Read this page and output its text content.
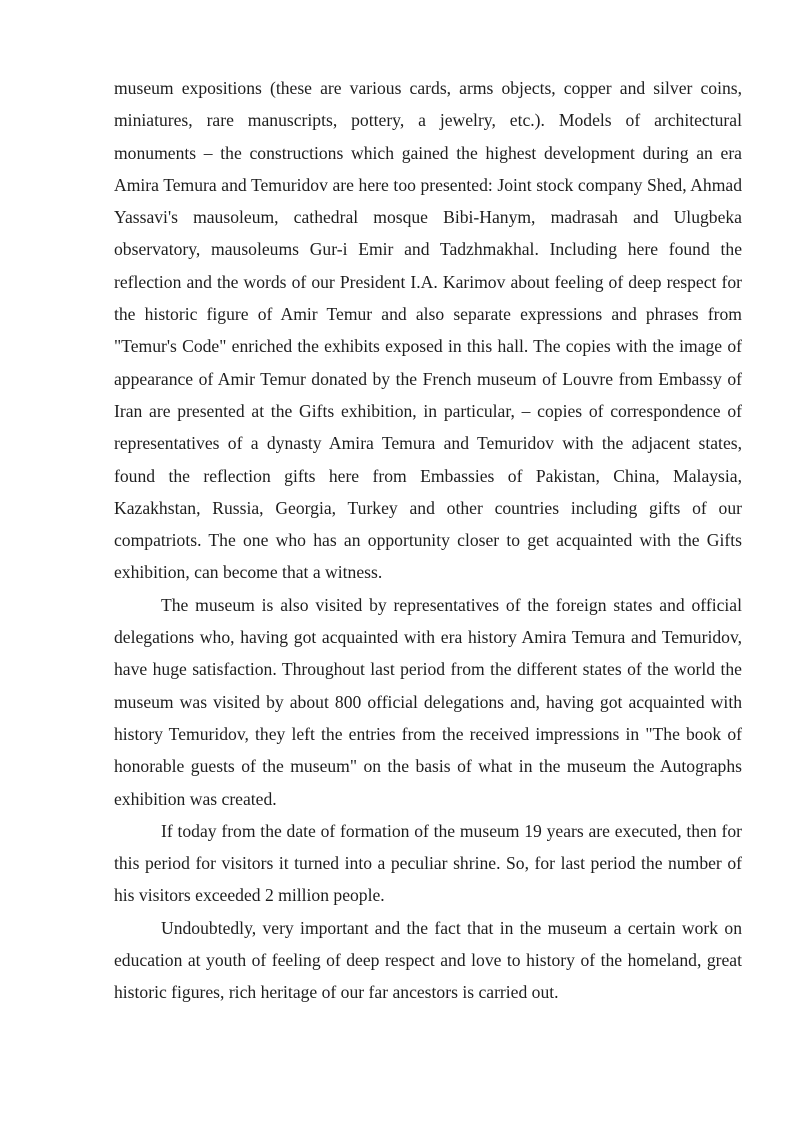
museum expositions (these are various cards, arms objects, copper and silver coins, miniatures, rare manuscripts, pottery, a jewelry, etc.). Models of architectural monuments – the constructions which gained the highest development during an era Amira Temura and Temuridov are here too presented: Joint stock company Shed, Ahmad Yassavi's mausoleum, cathedral mosque Bibi-Hanym, madrasah and Ulugbeka observatory, mausoleums Gur-i Emir and Tadzhmakhal. Including here found the reflection and the words of our President I.A. Karimov about feeling of deep respect for the historic figure of Amir Temur and also separate expressions and phrases from "Temur's Code" enriched the exhibits exposed in this hall. The copies with the image of appearance of Amir Temur donated by the French museum of Louvre from Embassy of Iran are presented at the Gifts exhibition, in particular, – copies of correspondence of representatives of a dynasty Amira Temura and Temuridov with the adjacent states, found the reflection gifts here from Embassies of Pakistan, China, Malaysia, Kazakhstan, Russia, Georgia, Turkey and other countries including gifts of our compatriots. The one who has an opportunity closer to get acquainted with the Gifts exhibition, can become that a witness.

The museum is also visited by representatives of the foreign states and official delegations who, having got acquainted with era history Amira Temura and Temuridov, have huge satisfaction. Throughout last period from the different states of the world the museum was visited by about 800 official delegations and, having got acquainted with history Temuridov, they left the entries from the received impressions in "The book of honorable guests of the museum" on the basis of what in the museum the Autographs exhibition was created.

If today from the date of formation of the museum 19 years are executed, then for this period for visitors it turned into a peculiar shrine. So, for last period the number of his visitors exceeded 2 million people.

Undoubtedly, very important and the fact that in the museum a certain work on education at youth of feeling of deep respect and love to history of the homeland, great historic figures, rich heritage of our far ancestors is carried out.
